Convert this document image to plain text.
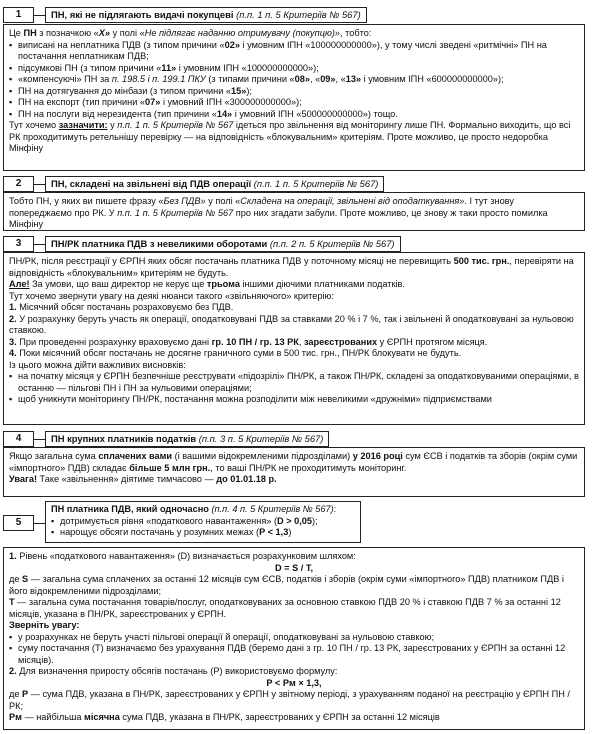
1	ПН, які не підлягають видачі покупцеві (п.п. 1 п. 5 Критеріїв № 567)

Це ПН з позначкою «Х» у полі «Не підлягає наданню отримувачу (покупцю)», тобто:

▪ виписані на неплатника ПДВ (з типом причини «02» і умовним ІПН «100000000000»), у тому числі зведені «ритмічні» ПН на постачання неплатникам ПДВ;

▪ підсумкові ПН (з типом причини «11» і умовним ІПН «100000000000»);

▪ «компенсуючі» ПН за п. 198.5 і п. 199.1 ПКУ (з типами причини «08», «09», «13» і умовним ІПН «600000000000»);

▪ ПН на дотягування до мінбази (з типом причини «15»);

▪ ПН на експорт (тип причини «07» і умовний ІПН «300000000000»);

▪ ПН на послуги від нерезидента (тип причини «14» і умовний ІПН «500000000000») тощо.

Тут хочемо зазначити: у п.п. 1 п. 5 Критеріїв № 567 ідеться про звільнення від моніторингу лише ПН. Формально виходить, що всі РК проходитимуть ретельнішу перевірку — на відповідність «блокувальним» критеріям. Проте можливо, це просто недоробка Мінфіну

2	ПН, складені на звільнені від ПДВ операції (п.п. 1 п. 5 Критеріїв № 567)

Тобто ПН, у яких ви пишете фразу «Без ПДВ» у полі «Складена на операції, звільнені від оподаткування». І тут знову попереджаємо про РК. У п.п. 1 п. 5 Критеріїв № 567 про них згадати забули. Проте можливо, це знову ж таки просто помилка Мінфіну

3	ПН/РК платника ПДВ з невеликими оборотами (п.п. 2 п. 5 Критеріїв № 567)

ПН/РК, після реєстрації у ЄРПН яких обсяг постачань платника ПДВ у поточному місяці не перевищить 500 тис. грн., перевіряти на відповідність «блокувальним» критеріям не будуть.

Але! За умови, що ваш директор не керує ще трьома іншими діючими платниками податків.

Тут хочемо звернути увагу на деякі нюанси такого «звільняючого» критерію:

1. Місячний обсяг постачань розраховуємо без ПДВ.

2. У розрахунку беруть участь як операції, оподатковувані ПДВ за ставками 20 % і 7 %, так і звільнені й оподатковувані за нульовою ставкою.

3. При проведенні розрахунку враховуємо дані гр. 10 ПН / гр. 13 РК, зареєстрованих у ЄРПН протягом місяця.

4. Поки місячний обсяг постачань не досягне граничного суми в 500 тис. грн., ПН/РК блокувати не будуть.

Із цього можна дійти важливих висновків:

▪ на початку місяця у ЄРПН безпечніше реєструвати «підозрілі» ПН/РК, а також ПН/РК, складені за оподатковуваними операціями, в останню — пільгові ПН і ПН за нульовими операціями;

▪ щоб уникнути моніторингу ПН/РК, постачання можна розподілити між невеликими «дружніми» підприємствами

4	ПН крупних платників податків (п.п. 3 п. 5 Критеріїв № 567)

Якщо загальна сума сплачених вами (і вашими відокремленими підрозділами) у 2016 році сум ЄСВ і податків та зборів (окрім суми «імпортного» ПДВ) складає більше 5 млн грн., то ваші ПН/РК не проходитимуть моніторинг.

Увага! Таке «звільнення» діятиме тимчасово — до 01.01.18 р.

5

ПН платника ПДВ, який одночасно (п.п. 4 п. 5 Критеріїв № 567):

▪ дотримується рівня «податкового навантаження» (D > 0,05);

▪ нарощує обсяги постачань у розумних межах (P < 1,3)

1. Рівень «податкового навантаження» (D) визначається розрахунковим шляхом:

D = S / T,

де S — загальна сума сплачених за останні 12 місяців сум ЄСВ, податків і зборів (окрім суми «імпортного» ПДВ) платником ПДВ і його відокремленими підрозділами;

T — загальна сума постачання товарів/послуг, оподатковуваних за основною ставкою ПДВ 20 % і ставкою ПДВ 7 % за останні 12 місяців, указана в ПН/РК, зареєстрованих у ЄРПН.

Зверніть увагу:

▪ у розрахунках не беруть участі пільгові операції й операції, оподатковувані за нульовою ставкою;

▪ суму постачання (T) визначаємо без урахування ПДВ (беремо дані з гр. 10 ПН / гр. 13 РК, зареєстрованих у ЄРПН за останні 12 місяців).

2. Для визначення приросту обсягів постачань (P) використовуємо формулу:

P < Pм × 1,3,

де Р — сума ПДВ, указана в ПН/РК, зареєстрованих у ЄРПН у звітному періоді, з урахуванням поданої на реєстрацію у ЄРПН ПН / РК;

Рм — найбільша місячна сума ПДВ, указана в ПН/РК, зареєстрованих у ЄРПН за останні 12 місяців
